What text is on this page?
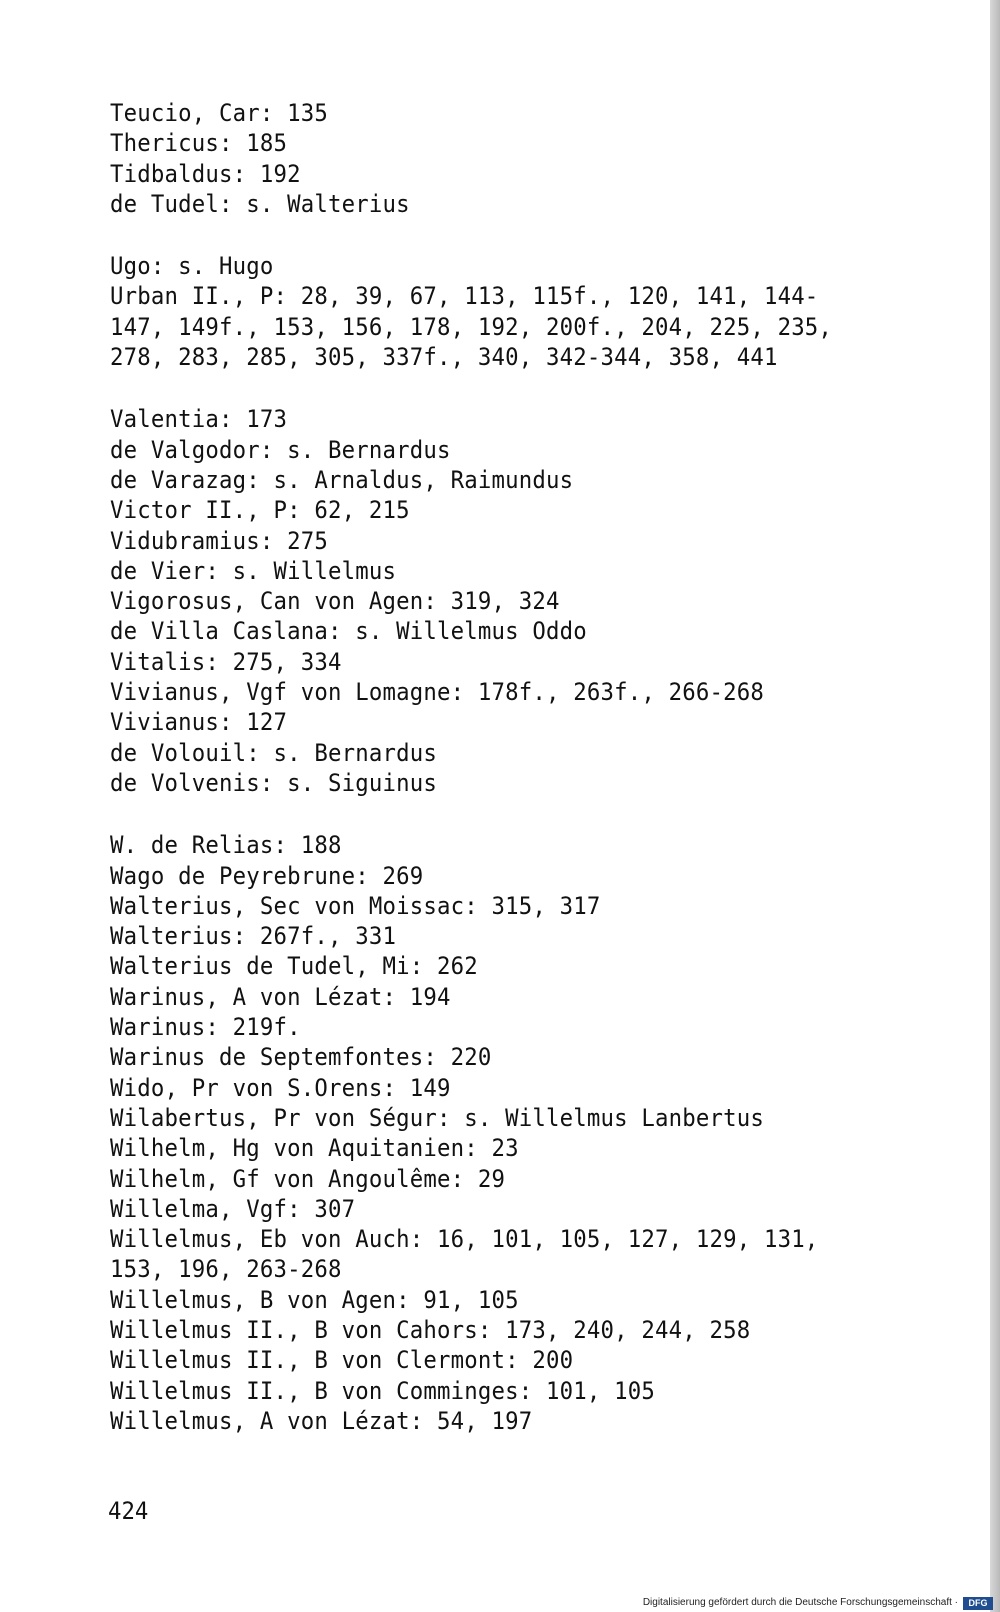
Teucio, Car: 135
Thericus: 185
Tidbaldus: 192
de Tudel: s. Walterius
Ugo: s. Hugo
Urban II., P: 28, 39, 67, 113, 115f., 120, 141, 144-
147, 149f., 153, 156, 178, 192, 200f., 204, 225, 235,
278, 283, 285, 305, 337f., 340, 342-344, 358, 441
Valentia: 173
de Valgodor: s. Bernardus
de Varazag: s. Arnaldus, Raimundus
Victor II., P: 62, 215
Vidubramius: 275
de Vier: s. Willelmus
Vigorosus, Can von Agen: 319, 324
de Villa Caslana: s. Willelmus Oddo
Vitalis: 275, 334
Vivianus, Vgf von Lomagne: 178f., 263f., 266-268
Vivianus: 127
de Volouil: s. Bernardus
de Volvenis: s. Siguinus
W. de Relias: 188
Wago de Peyrebrune: 269
Walterius, Sec von Moissac: 315, 317
Walterius: 267f., 331
Walterius de Tudel, Mi: 262
Warinus, A von Lézat: 194
Warinus: 219f.
Warinus de Septemfontes: 220
Wido, Pr von S.Orens: 149
Wilabertus, Pr von Ségur: s. Willelmus Lanbertus
Wilhelm, Hg von Aquitanien: 23
Wilhelm, Gf von Angoulême: 29
Willelma, Vgf: 307
Willelmus, Eb von Auch: 16, 101, 105, 127, 129, 131,
153, 196, 263-268
Willelmus, B von Agen: 91, 105
Willelmus II., B von Cahors: 173, 240, 244, 258
Willelmus II., B von Clermont: 200
Willelmus II., B von Comminges: 101, 105
Willelmus, A von Lézat: 54, 197
424
Digitalisierung gefördert durch die Deutsche Forschungsgemeinschaft ·	DFG
